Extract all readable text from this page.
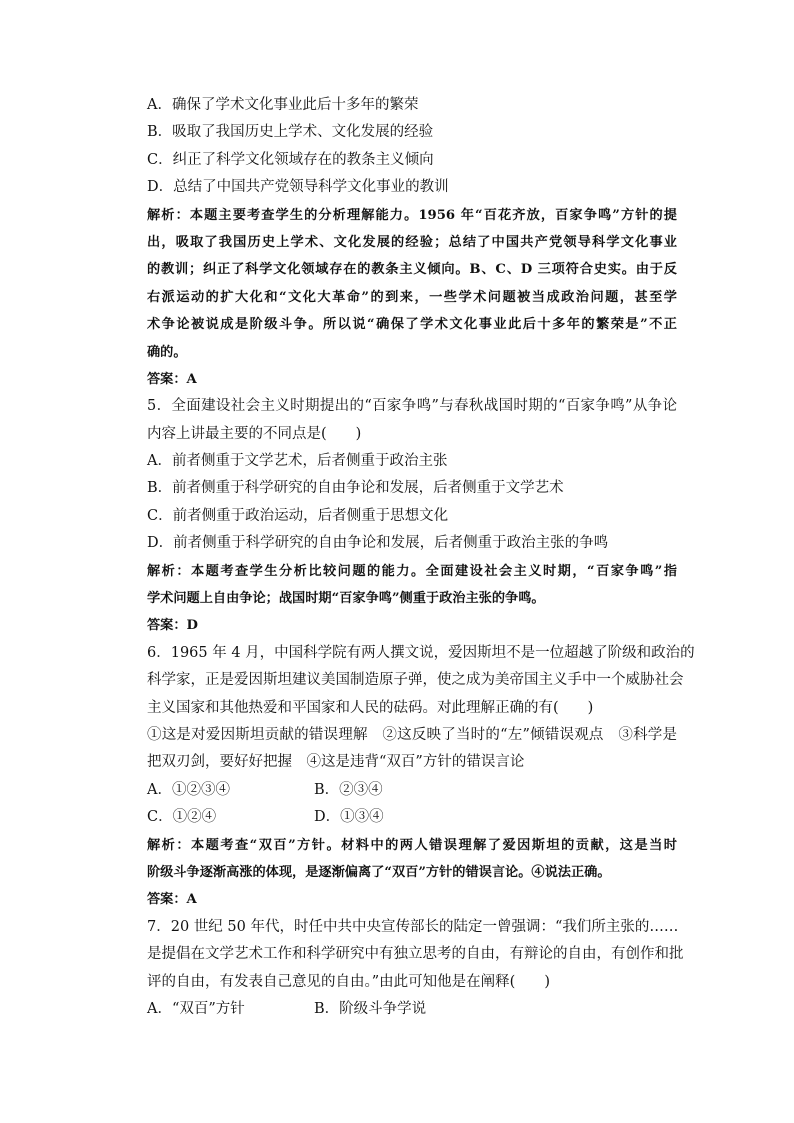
A．确保了学术文化事业此后十多年的繁荣
B．吸取了我国历史上学术、文化发展的经验
C．纠正了科学文化领域存在的教条主义倾向
D．总结了中国共产党领导科学文化事业的教训
解析：本题主要考查学生的分析理解能力。1956 年“百花齐放，百家争鸣”方针的提
出，吸取了我国历史上学术、文化发展的经验；总结了中国共产党领导科学文化事业
的教训；纠正了科学文化领域存在的教条主义倾向。B、C、D 三项符合史实。由于反
右派运动的扩大化和“文化大革命”的到来，一些学术问题被当成政治问题，甚至学
术争论被说成是阶级斗争。所以说“确保了学术文化事业此后十多年的繁荣是”不正
确的。
答案：A
5．全面建设社会主义时期提出的“百家争鸣”与春秋战国时期的“百家争鸣”从争论
内容上讲最主要的不同点是(　　)
A．前者侧重于文学艺术，后者侧重于政治主张
B．前者侧重于科学研究的自由争论和发展，后者侧重于文学艺术
C．前者侧重于政治运动，后者侧重于思想文化
D．前者侧重于科学研究的自由争论和发展，后者侧重于政治主张的争鸣
解析：本题考查学生分析比较问题的能力。全面建设社会主义时期，“百家争鸣”指
学术问题上自由争论；战国时期“百家争鸣”侧重于政治主张的争鸣。
答案：D
6．1965 年 4 月，中国科学院有两人撰文说，爱因斯坦不是一位超越了阶级和政治的
科学家，正是爱因斯坦建议美国制造原子弹，使之成为美帝国主义手中一个威胁社会
主义国家和其他热爱和平国家和人民的砝码。对此理解正确的有(　　)
①这是对爱因斯坦贡献的错误理解　②这反映了当时的“左”倾错误观点　③科学是
把双刃剑，要好好把握　④这是违背“双百”方针的错误言论
A．①②③④	B．②③④
C．①②④	D．①③④
解析：本题考查“双百”方针。材料中的两人错误理解了爱因斯坦的贡献，这是当时
阶级斗争逐渐高涨的体现，是逐渐偏离了“双百”方针的错误言论。④说法正确。
答案：A
7．20 世纪 50 年代，时任中共中央宣传部长的陆定一曾强调：“我们所主张的……
是提倡在文学艺术工作和科学研究中有独立思考的自由，有辩论的自由，有创作和批
评的自由，有发表自己意见的自由。”由此可知他是在阐释(　　)
A．“双百”方针	B．阶级斗争学说
